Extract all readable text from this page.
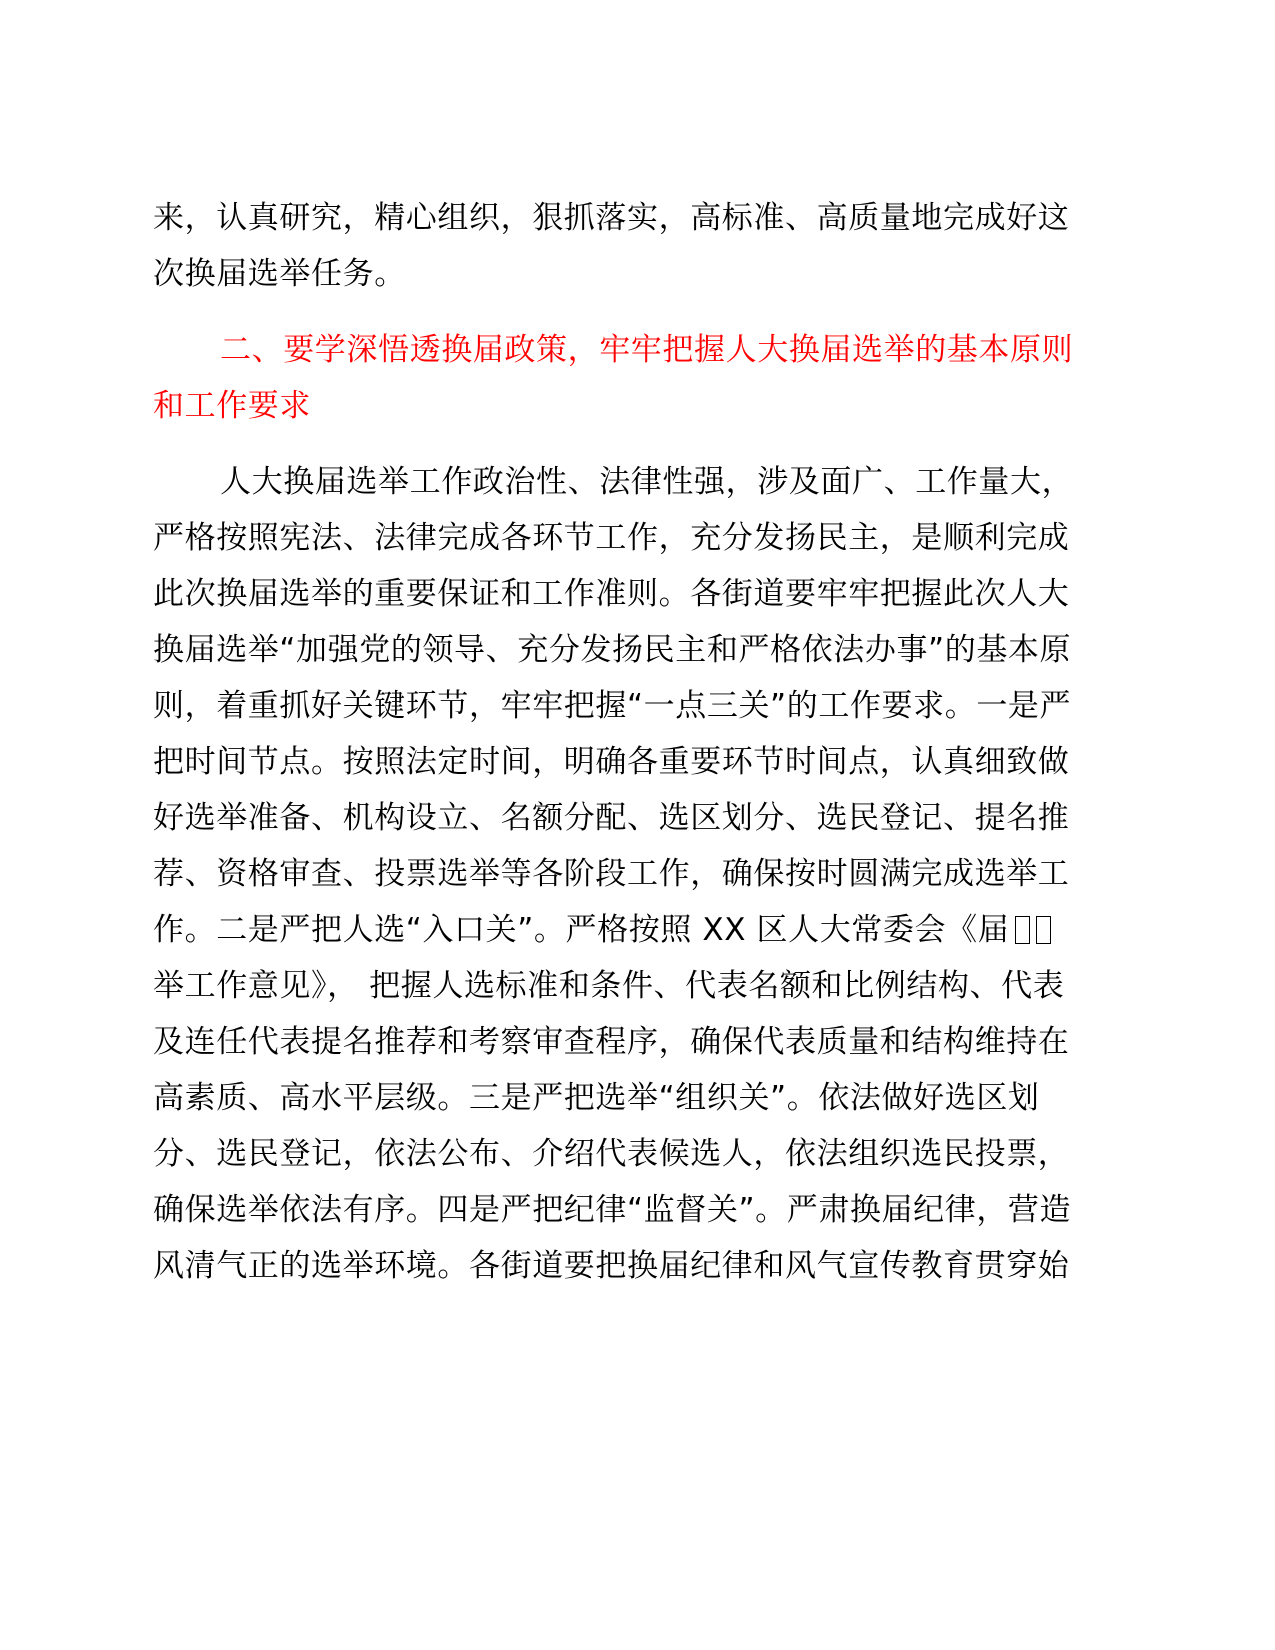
来，认真研究，精心组织，狠抓落实，高标准、高质量地完成好这
次换届选举任务。
二、要学深悟透换届政策，牢牢把握人大换届选举的基本原则
和工作要求
人大换届选举工作政治性、法律性强，涉及面广、工作量大，
严格按照宪法、法律完成各环节工作，充分发扬民主，是顺利完成
此次换届选举的重要保证和工作准则。各街道要牢牢把握此次人大
换届选举“加强党的领导、充分发扬民主和严格依法办事”的基本原
则，着重抓好关键环节，牢牢把握“一点三关”的工作要求。一是严
把时间节点。按照法定时间，明确各重要环节时间点，认真细致做
好选举准备、机构设立、名额分配、选区划分、选民登记、提名推
荐、资格审查、投票选举等各阶段工作，确保按时圆满完成选举工
作。二是严把人选“入口关”。严格按照 XX 区人大常委会《届
举工作意见》， 把握人选标准和条件、代表名额和比例结构、代表
及连任代表提名推荐和考察审查程序，确保代表质量和结构维持在
高素质、高水平层级。三是严把选举“组织关”。依法做好选区划
分、选民登记，依法公布、介绍代表候选人，依法组织选民投票，
确保选举依法有序。四是严把纪律“监督关”。严肃换届纪律，营造
风清气正的选举环境。各街道要把换届纪律和风气宣传教育贯穿始
